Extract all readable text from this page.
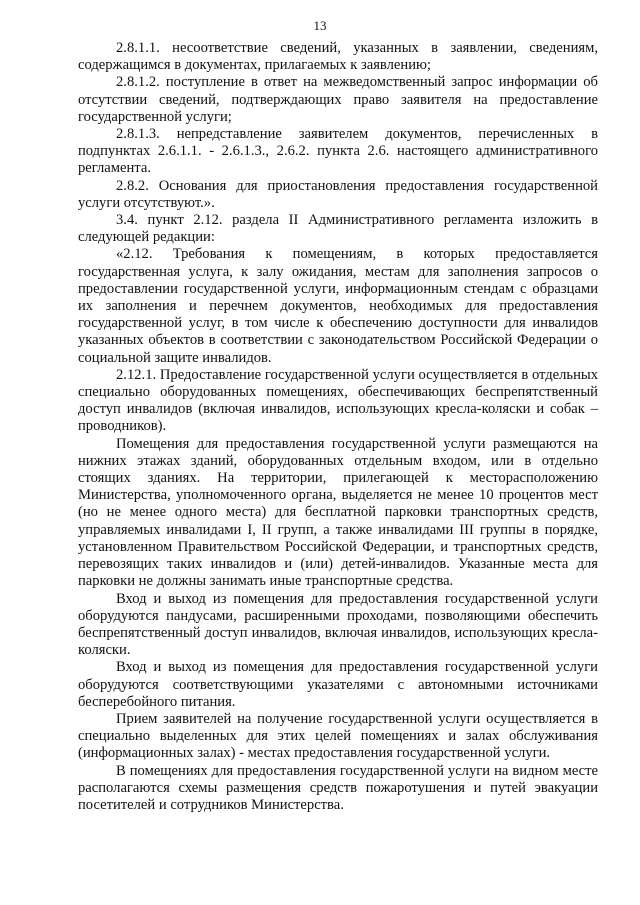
13

2.8.1.1. несоответствие сведений, указанных в заявлении, сведениям, содержащимся в документах, прилагаемых к заявлению;

2.8.1.2. поступление в ответ на межведомственный запрос информации об отсутствии сведений, подтверждающих право заявителя на предоставление государственной услуги;

2.8.1.3. непредставление заявителем документов, перечисленных в подпунктах 2.6.1.1. - 2.6.1.3., 2.6.2. пункта 2.6. настоящего административного регламента.

2.8.2. Основания для приостановления предоставления государственной услуги отсутствуют.».

3.4. пункт 2.12. раздела II Административного регламента изложить в следующей редакции:

«2.12. Требования к помещениям, в которых предоставляется государственная услуга, к залу ожидания, местам для заполнения запросов о предоставлении государственной услуги, информационным стендам с образцами их заполнения и перечнем документов, необходимых для предоставления государственной услуг, в том числе к обеспечению доступности для инвалидов указанных объектов в соответствии с законодательством Российской Федерации о социальной защите инвалидов.

2.12.1. Предоставление государственной услуги осуществляется в отдельных специально оборудованных помещениях, обеспечивающих беспрепятственный доступ инвалидов (включая инвалидов, использующих кресла-коляски и собак – проводников).

Помещения для предоставления государственной услуги размещаются на нижних этажах зданий, оборудованных отдельным входом, или в отдельно стоящих зданиях. На территории, прилегающей к месторасположению Министерства, уполномоченного органа, выделяется не менее 10 процентов мест (но не менее одного места) для бесплатной парковки транспортных средств, управляемых инвалидами I, II групп, а также инвалидами III группы в порядке, установленном Правительством Российской Федерации, и транспортных средств, перевозящих таких инвалидов и (или) детей-инвалидов. Указанные места для парковки не должны занимать иные транспортные средства.

Вход и выход из помещения для предоставления государственной услуги оборудуются пандусами, расширенными проходами, позволяющими обеспечить беспрепятственный доступ инвалидов, включая инвалидов, использующих кресла-коляски.

Вход и выход из помещения для предоставления государственной услуги оборудуются соответствующими указателями с автономными источниками бесперебойного питания.

Прием заявителей на получение государственной услуги осуществляется в специально выделенных для этих целей помещениях и залах обслуживания (информационных залах) - местах предоставления государственной услуги.

В помещениях для предоставления государственной услуги на видном месте располагаются схемы размещения средств пожаротушения и путей эвакуации посетителей и сотрудников Министерства.
